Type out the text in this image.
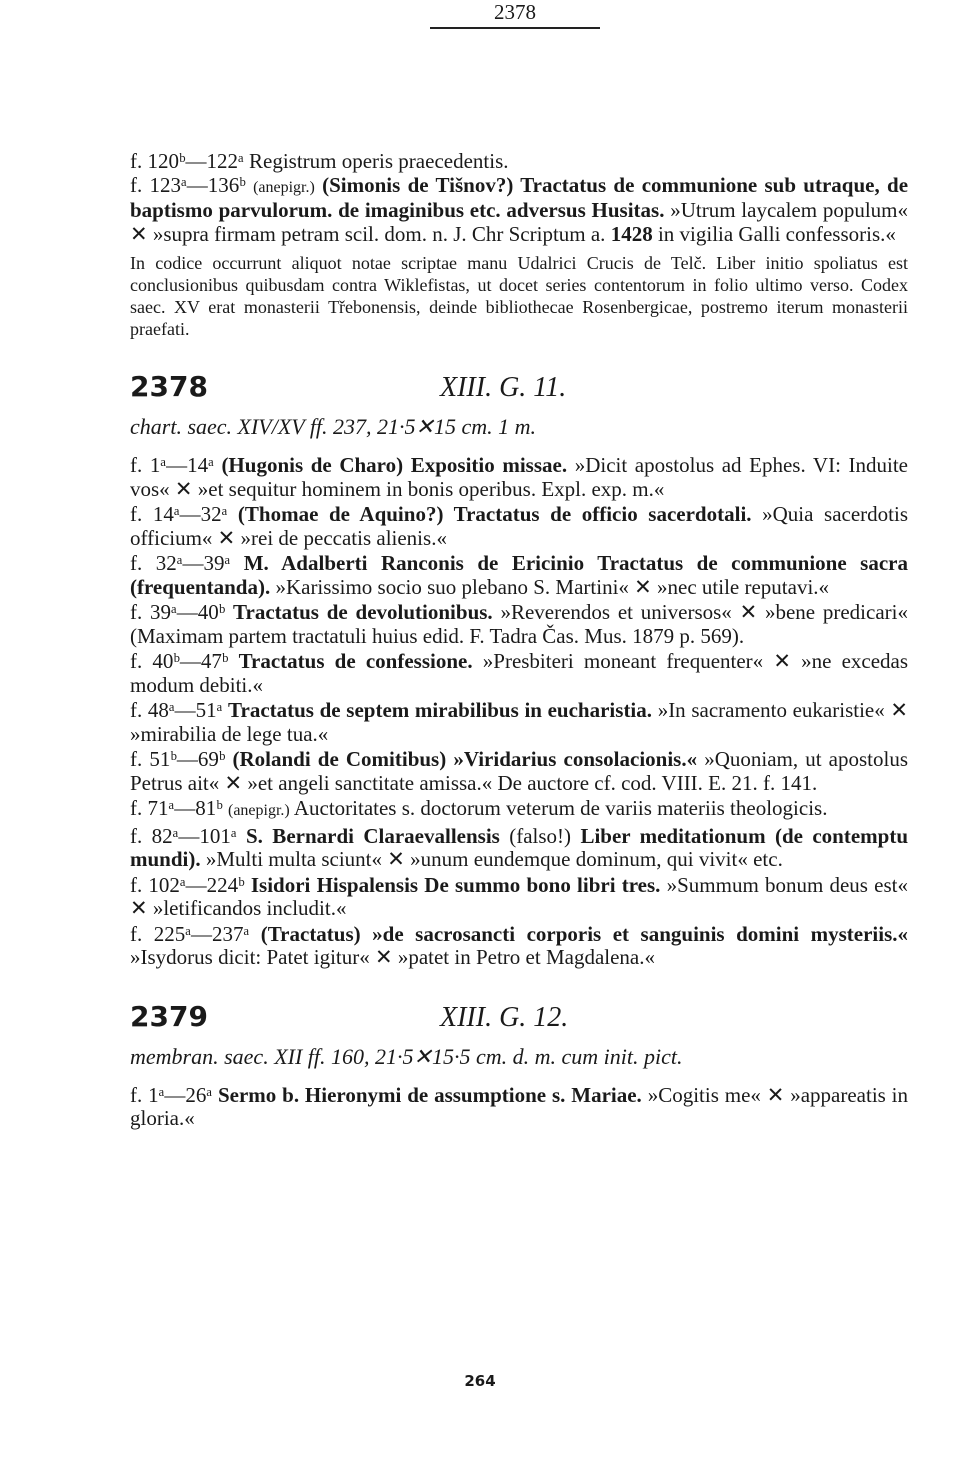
2378

f. 120ᵇ—122ᵃ Registrum operis praecedentis.

f. 123ᵃ—136ᵇ (anepigr.) (Simonis de Tišnov?) Tractatus de communione sub utraque, de baptismo parvulorum. de imaginibus etc. adversus Husitas. »Utrum laycalem populum« ✕ »supra firmam petram scil. dom. n. J. Chr Scriptum a. 1428 in vigilia Galli confessoris.«

In codice occurrunt aliquot notae scriptae manu Udalrici Crucis de Telč. Liber initio spoliatus est conclusionibus quibusdam contra Wiklefistas, ut docet series contentorum in folio ultimo verso. Codex saec. XV erat monasterii Třebonensis, deinde bibliothecae Rosenbergicae, postremo iterum monasterii praefati.

2378	XIII. G. 11.
chart. saec. XIV/XV ff. 237, 21·5✕15 cm. 1 m.

f. 1ᵃ—14ᵃ (Hugonis de Charo) Expositio missae. »Dicit apostolus ad Ephes. VI: Induite vos« ✕ »et sequitur hominem in bonis operibus. Expl. exp. m.«

f. 14ᵃ—32ᵃ (Thomae de Aquino?) Tractatus de officio sacerdotali. »Quia sacerdotis officium« ✕ »rei de peccatis alienis.«

f. 32ᵃ—39ᵃ M. Adalberti Ranconis de Ericinio Tractatus de communione sacra (frequentanda). »Karissimo socio suo plebano S. Martini« ✕ »nec utile reputavi.«

f. 39ᵃ—40ᵇ Tractatus de devolutionibus. »Reverendos et universos« ✕ »bene predicari« (Maximam partem tractatuli huius edid. F. Tadra Čas. Mus. 1879 p. 569).

f. 40ᵇ—47ᵇ Tractatus de confessione. »Presbiteri moneant frequenter« ✕ »ne excedas modum debiti.«

f. 48ᵃ—51ᵃ Tractatus de septem mirabilibus in eucharistia. »In sacramento eukaristie« ✕ »mirabilia de lege tua.«

f. 51ᵇ—69ᵇ (Rolandi de Comitibus) »Viridarius consolacionis.« »Quoniam, ut apostolus Petrus ait« ✕ »et angeli sanctitate amissa.« De auctore cf. cod. VIII. E. 21. f. 141.

f. 71ᵃ—81ᵇ (anepigr.) Auctoritates s. doctorum veterum de variis materiis theologicis.

f. 82ᵃ—101ᵃ S. Bernardi Claraevallensis (falso!) Liber meditationum (de contemptu mundi). »Multi multa sciunt« ✕ »unum eundemque dominum, qui vivit« etc.

f. 102ᵃ—224ᵇ Isidori Hispalensis De summo bono libri tres. »Summum bonum deus est« ✕ »letificandos includit.«

f. 225ᵃ—237ᵃ (Tractatus) »de sacrosancti corporis et sanguinis domini mysteriis.« »Isydorus dicit: Patet igitur« ✕ »patet in Petro et Magdalena.«

2379	XIII. G. 12.
membran. saec. XII ff. 160, 21·5✕15·5 cm. d. m. cum init. pict.

f. 1ᵃ—26ᵃ Sermo b. Hieronymi de assumptione s. Mariae. »Cogitis me« ✕ »appareatis in gloria.«

264
